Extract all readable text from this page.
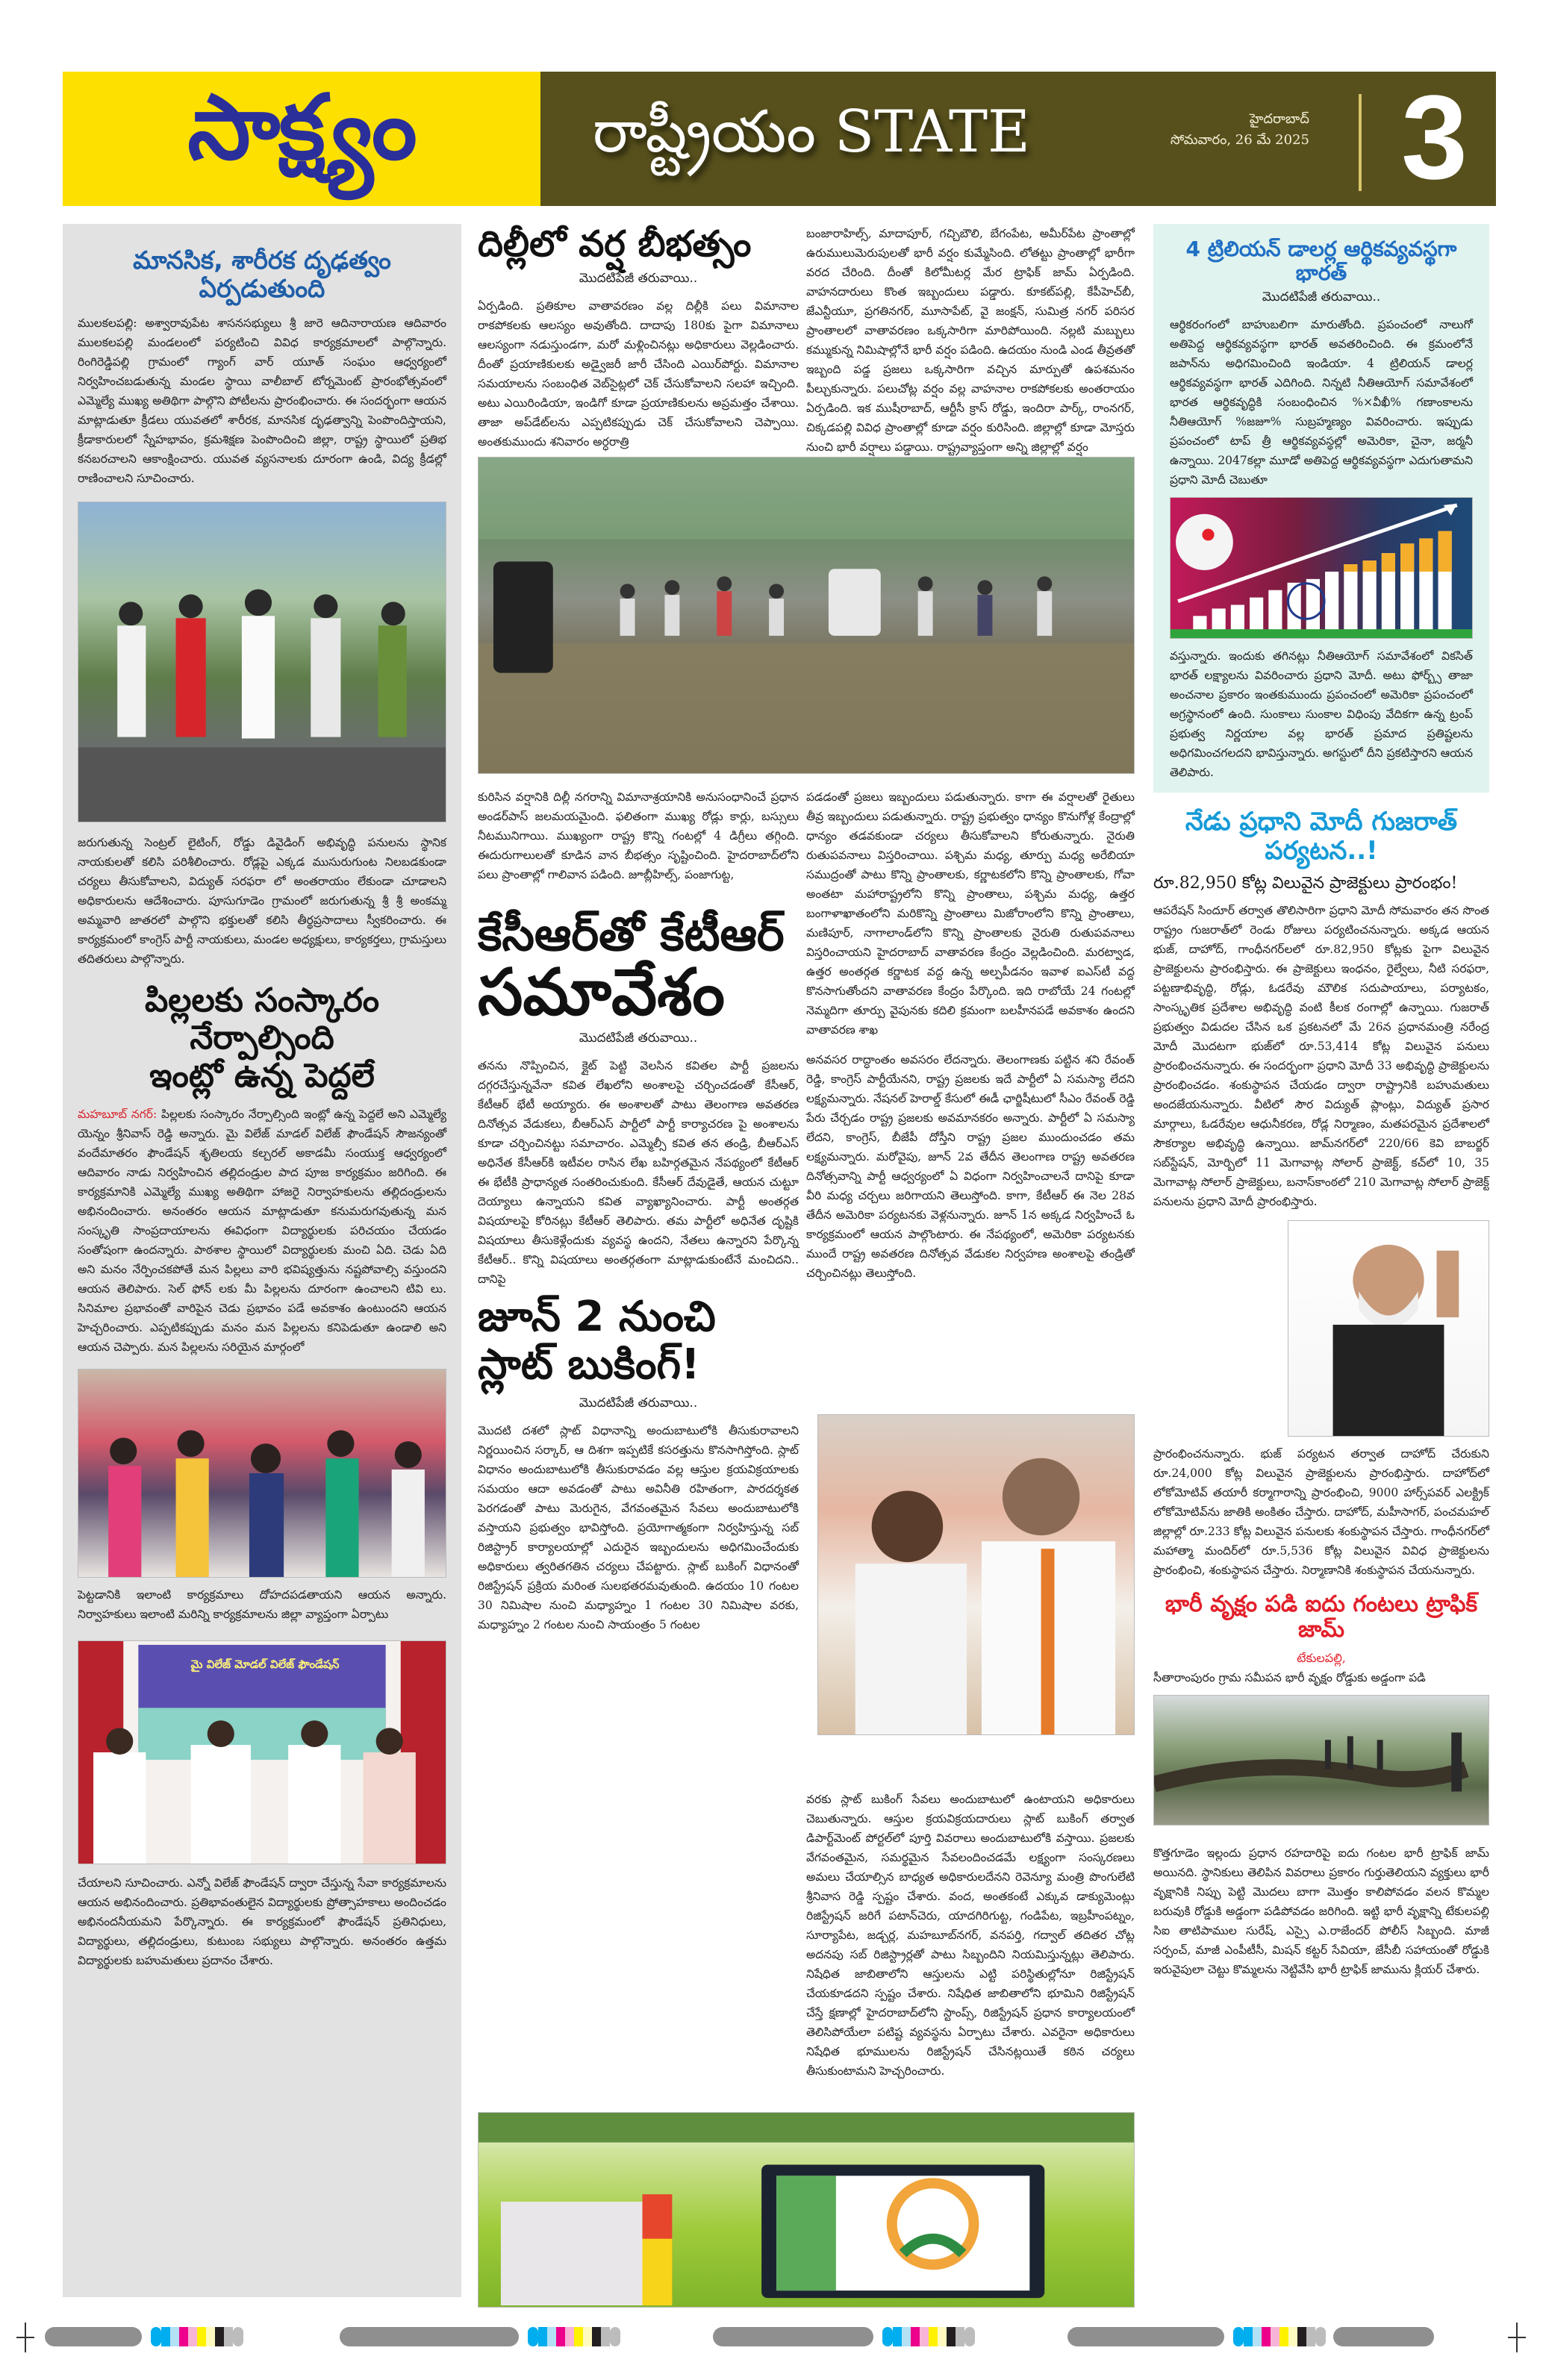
సాక్ష్యం	రాష్ట్రీయం STATE	హైదరాబాద్
సోమవారం, 26 మే 2025 3
మానసిక, శారీరక దృఢత్వం ఏర్పడుతుంది

ములకలపల్లి: అశ్వారావుపేట శాసనసభ్యులు శ్రీ జారె ఆదినారాయణ ఆదివారం ములకలపల్లి మండలంలో పర్యటించి వివిధ కార్యక్రమాలలో పాల్గొన్నారు. రింగిరెడ్డిపల్లి గ్రామంలో గ్యాంగ్ వార్ యూత్ సంఘం ఆధ్వర్యంలో నిర్వహించబడుతున్న మండల స్థాయి వాలీబాల్ టోర్నమెంట్ ప్రారంభోత్సవంలో ఎమ్మెల్యే ముఖ్య అతిథిగా పాల్గొని పోటీలను ప్రారంభించారు. ఈ సందర్భంగా ఆయన మాట్లాడుతూ క్రీడలు యువతలో శారీరక, మానసిక దృఢత్వాన్ని పెంపొందిస్తాయని, క్రీడాకారులలో స్నేహభావం, క్రమశిక్షణ పెంపొందించి జిల్లా, రాష్ట్ర స్థాయిలో ప్రతిభ కనబరచాలని ఆకాంక్షించారు. యువత వ్యసనాలకు దూరంగా ఉండి, విద్య క్రీడల్లో రాణించాలని సూచించారు.

జరుగుతున్న సెంట్రల్ లైటింగ్, రోడ్డు డివైడింగ్ అభివృద్ధి పనులను స్థానిక నాయకులతో కలిసి పరిశీలించారు. రోడ్లపై ఎక్కడ ముసురుగుంట నిలబడకుండా చర్యలు తీసుకోవాలని, విద్యుత్ సరఫరా లో అంతరాయం లేకుండా చూడాలని అధికారులను ఆదేశించారు. పూసుగూడెం గ్రామంలో జరుగుతున్న శ్రీ శ్రీ అంకమ్మ అమ్మవారి జాతరలో పాల్గొని భక్తులతో కలిసి తీర్థప్రసాదాలు స్వీకరించారు. ఈ కార్యక్రమంలో కాంగ్రెస్ పార్టీ నాయకులు, మండల అధ్యక్షులు, కార్యకర్తలు, గ్రామస్తులు తదితరులు పాల్గొన్నారు.

పిల్లలకు సంస్కారం నేర్పాల్సింది
ఇంట్లో ఉన్న పెద్దలే

మహబూబ్ నగర్: పిల్లలకు సంస్కారం నేర్పాల్సింది ఇంట్లో ఉన్న పెద్దలే అని ఎమ్మెల్యే యెన్నం శ్రీనివాస్ రెడ్డి అన్నారు. మై విలేజ్ మాడల్ విలేజ్ ఫౌండేషన్ సౌజన్యంతో వందేమాతరం ఫౌండేషన్ శృతిలయ కల్చరల్ అకాడమీ సంయుక్త ఆధ్వర్యంలో ఆదివారం నాడు నిర్వహించిన తల్లిదండ్రుల పాద పూజ కార్యక్రమం జరిగింది. ఈ కార్యక్రమానికి ఎమ్మెల్యే ముఖ్య అతిథిగా హాజరై నిర్వాహకులను తల్లిదండ్రులను అభినందించారు. అనంతరం ఆయన మాట్లాడుతూ కనుమరుగవుతున్న మన సంస్కృతి సాంప్రదాయాలను ఈవిధంగా విద్యార్థులకు పరిచయం చేయడం సంతోషంగా ఉందన్నారు. పాఠశాల స్థాయిలో విద్యార్థులకు మంచి ఏది. చెడు ఏది అని మనం నేర్పించకపోతే మన పిల్లలు వారి భవిష్యత్తును నష్టపోవాల్సి వస్తుందని ఆయన తెలిపారు. సెల్ ఫోన్ లకు మీ పిల్లలను దూరంగా ఉంచాలని టివి లు. సినిమాల ప్రభావంతో వారిపైన చెడు ప్రభావం పడే అవకాశం ఉంటుందని ఆయన హెచ్చరించారు. ఎప్పటికప్పుడు మనం మన పిల్లలను కనిపెడుతూ ఉండాలి అని ఆయన చెప్పారు. మన పిల్లలను సరియైన మార్గంలో

పెట్టడానికి ఇలాంటి కార్యక్రమాలు దోహదపడతాయని ఆయన అన్నారు. నిర్వాహకులు ఇలాంటి మరిన్ని కార్యక్రమాలను జిల్లా వ్యాప్తంగా ఏర్పాటు

మై విలేజ్ మోడల్ విలేజ్ ఫౌండేషన్

చేయాలని సూచించారు. ఎన్నో విలేజ్ ఫౌండేషన్ ద్వారా చేస్తున్న సేవా కార్యక్రమాలను ఆయన అభినందించారు. ప్రతిభావంతులైన విద్యార్థులకు ప్రోత్సాహకాలు అందించడం అభినందనీయమని పేర్కొన్నారు. ఈ కార్యక్రమంలో ఫౌండేషన్ ప్రతినిధులు, విద్యార్థులు, తల్లిదండ్రులు, కుటుంబ సభ్యులు పాల్గొన్నారు. అనంతరం ఉత్తమ విద్యార్థులకు బహుమతులు ప్రదానం చేశారు.

దిల్లీలో వర్ష బీభత్సం
మొదటిపేజీ తరువాయి..

ఏర్పడింది. ప్రతికూల వాతావరణం వల్ల దిల్లీకి పలు విమానాల రాకపోకలకు ఆలస్యం అవుతోంది. దాదాపు 180కు పైగా విమానాలు ఆలస్యంగా నడుస్తుండగా, మరో మళ్లించినట్లు అధికారులు వెల్లడించారు. దీంతో ప్రయాణికులకు అడ్వైజరీ జారీ చేసింది ఎయిర్‌పోర్టు. విమానాల సమయాలను సంబంధిత వెబ్‌సైట్లలో చెక్ చేసుకోవాలని సలహా ఇచ్చింది. అటు ఎయిరిండియా, ఇండిగో కూడా ప్రయాణికులను అప్రమత్తం చేశాయి. తాజా అప్‌డేట్‌లను ఎప్పటికప్పుడు చెక్ చేసుకోవాలని చెప్పాయి. అంతకుముందు శనివారం అర్ధరాత్రి

కురిసిన వర్షానికి దిల్లీ నగరాన్ని విమానాశ్రయానికి అనుసంధానించే ప్రధాన అండర్‌పాస్ జలమయమైంది. ఫలితంగా ముఖ్య రోడ్లు కార్లు, బస్సులు నీటమునిగాయి. ముఖ్యంగా రాష్ట్ర కొన్ని గంటల్లో 4 డిగ్రీలు తగ్గింది. ఈదురుగాలులతో కూడిన వాన బీభత్సం సృష్టించింది. హైదరాబాద్‌లోని పలు ప్రాంతాల్లో గాలివాన పడింది. జూబ్లీహిల్స్, పంజాగుట్ట,

కేసీఆర్‌తో కేటీఆర్
సమావేశం
మొదటిపేజీ తరువాయి..

తనను నొప్పించిన, క్లైట్ పెట్టి వెలసిన కవితల పార్టీ ప్రజలను దగ్గరచేస్తున్నవేనా కవిత లేఖలోని అంశాలపై చర్చించడంతో కేసీఆర్, కేటీఆర్ భేటీ అయ్యారు. ఈ అంశాలతో పాటు తెలంగాణ అవతరణ దినోత్సవ వేడుకలు, బీఆర్ఎస్ పార్టీలో పార్టీ కార్యాచరణ పై అంశాలను కూడా చర్చించినట్టు సమాచారం. ఎమ్మెల్సీ కవిత తన తండ్రి, బీఆర్ఎస్ అధినేత కేసీఆర్‌కి ఇటీవల రాసిన లేఖ బహిర్గతమైన నేపథ్యంలో కేటీఆర్ ఈ భేటీకి ప్రాధాన్యత సంతరించుకుంది. కేసీఆర్ దేవుడైతే, ఆయన చుట్టూ దెయ్యాలు ఉన్నాయని కవిత వ్యాఖ్యానించారు. పార్టీ అంతర్గత విషయాలపై కోరినట్లు కేటీఆర్ తెలిపారు. తమ పార్టీలో అధినేత దృష్టికి విషయాలు తీసుకెళ్లేందుకు వ్యవస్థ ఉందని, నేతలు ఉన్నారని పేర్కొన్న కేటీఆర్.. కొన్ని విషయాలు అంతర్గతంగా మాట్లాడుకుంటేనే మంచిదని.. దానిపై

జూన్ 2 నుంచి
స్లాట్ బుకింగ్!
మొదటిపేజీ తరువాయి..

మొదటి దశలో స్లాట్ విధానాన్ని అందుబాటులోకి తీసుకురావాలని నిర్ణయించిన సర్కార్, ఆ దిశగా ఇప్పటికే కసరత్తును కొనసాగిస్తోంది. స్లాట్ విధానం అందుబాటులోకి తీసుకురావడం వల్ల ఆస్తుల క్రయవిక్రయాలకు సమయం ఆదా అవడంతో పాటు అవినీతి రహితంగా, పారదర్శకత పెరగడంతో పాటు మెరుగైన, వేగవంతమైన సేవలు అందుబాటులోకి వస్తాయని ప్రభుత్వం భావిస్తోంది. ప్రయోగాత్మకంగా నిర్వహిస్తున్న సబ్ రిజిస్ట్రార్ కార్యాలయాల్లో ఎదురైన ఇబ్బందులను అధిగమించేందుకు అధికారులు త్వరితగతిన చర్యలు చేపట్టారు. స్లాట్ బుకింగ్ విధానంతో రిజిస్ట్రేషన్ ప్రక్రియ మరింత సులభతరమవుతుంది. ఉదయం 10 గంటల 30 నిమిషాల నుంచి మధ్యాహ్నం 1 గంటల 30 నిమిషాల వరకు, మధ్యాహ్నం 2 గంటల నుంచి సాయంత్రం 5 గంటల

బంజారాహిల్స్, మాదాపూర్, గచ్చిబౌలి, బేగంపేట, అమీర్‌పేట ప్రాంతాల్లో ఉరుములుమెరుపులతో భారీ వర్షం కుమ్మేసింది. లోతట్టు ప్రాంతాల్లో భారీగా వరద చేరింది. దీంతో కిలోమీటర్ల మేర ట్రాఫిక్ జామ్ ఏర్పడింది. వాహనదారులు కొంత ఇబ్బందులు పడ్డారు. కూకట్‌పల్లి, కేపీహెచ్‌బీ, జేఎన్టీయూ, ప్రగతినగర్, మూసాపేట్, వై జంక్షన్, సుమిత్ర నగర్ పరిసర ప్రాంతాలలో వాతావరణం ఒక్కసారిగా మారిపోయింది. నల్లటి మబ్బులు కమ్ముకున్న నిమిషాల్లోనే భారీ వర్షం పడింది. ఉదయం నుండి ఎండ తీవ్రతతో ఇబ్బంది పడ్డ ప్రజలు ఒక్కసారిగా వచ్చిన మార్పుతో ఉపశమనం పీల్చుకున్నారు. పలుచోట్ల వర్షం వల్ల వాహనాల రాకపోకలకు అంతరాయం ఏర్పడింది. ఇక ముషీరాబాద్, ఆర్టీసీ క్రాస్ రోడ్డు, ఇందిరా పార్క్, రాంనగర్, చిక్కడపల్లి వివిధ ప్రాంతాల్లో కూడా వర్షం కురిసింది. జిల్లాల్లో కూడా మోస్తరు నుంచి భారీ వర్షాలు పడ్డాయి. రాష్ట్రవ్యాప్తంగా అన్ని జిల్లాల్లో వర్షం

పడడంతో ప్రజలు ఇబ్బందులు పడుతున్నారు. కాగా ఈ వర్షాలతో రైతులు తీవ్ర ఇబ్బందులు పడుతున్నారు. రాష్ట్ర ప్రభుత్వం ధాన్యం కొనుగోళ్ల కేంద్రాల్లో ధాన్యం తడవకుండా చర్యలు తీసుకోవాలని కోరుతున్నారు. నైరుతి రుతుపవనాలు విస్తరించాయి. పశ్చిమ మధ్య, తూర్పు మధ్య అరేబియా సముద్రంతో పాటు కొన్ని ప్రాంతాలకు, కర్ణాటకలోని కొన్ని ప్రాంతాలకు, గోవా అంతటా మహారాష్ట్రలోని కొన్ని ప్రాంతాలు, పశ్చిమ మధ్య, ఉత్తర బంగాళాఖాతంలోని మరికొన్ని ప్రాంతాలు మిజోరాంలోని కొన్ని ప్రాంతాలు, మణిపూర్, నాగాలాండ్‌లోని కొన్ని ప్రాంతాలకు నైరుతి రుతుపవనాలు విస్తరించాయని హైదరాబాద్ వాతావరణ కేంద్రం వెల్లడించింది. మరట్వాడ, ఉత్తర అంతర్గత కర్ణాటక వద్ద ఉన్న అల్పపీడనం ఇవాళ ఐఎస్‌టీ వద్ద కొనసాగుతోందని వాతావరణ కేంద్రం పేర్కొంది. ఇది రాబోయే 24 గంటల్లో నెమ్మదిగా తూర్పు వైపునకు కదిలి క్రమంగా బలహీనపడే అవకాశం ఉందని వాతావరణ శాఖ

అనవసర రాద్ధాంతం అవసరం లేదన్నారు. తెలంగాణకు పట్టిన శని రేవంత్ రెడ్డి, కాంగ్రెస్ పార్టీయేనని, రాష్ట్ర ప్రజలకు ఇదే పార్టీలో ఏ సమస్యా లేదని లక్ష్యమన్నారు. నేషనల్ హెరాల్డ్ కేసులో ఈడీ ఛార్జిషీటులో సీఎం రేవంత్ రెడ్డి పేరు చేర్చడం రాష్ట్ర ప్రజలకు అవమానకరం అన్నారు. పార్టీలో ఏ సమస్యా లేదని, కాంగ్రెస్, బీజేపీ దోస్తీని రాష్ట్ర ప్రజల ముందుంచడం తమ లక్ష్యమన్నారు. మరోవైపు, జూన్ 2వ తేదీన తెలంగాణ రాష్ట్ర అవతరణ దినోత్సవాన్ని పార్టీ ఆధ్వర్యంలో ఏ విధంగా నిర్వహించాలనే దానిపై కూడా వీరి మధ్య చర్చలు జరిగాయని తెలుస్తోంది. కాగా, కేటీఆర్ ఈ నెల 28వ తేదీన అమెరికా పర్యటనకు వెళ్లనున్నారు. జూన్ 1న అక్కడ నిర్వహించే ఓ కార్యక్రమంలో ఆయన పాల్గొంటారు. ఈ నేపథ్యంలో, అమెరికా పర్యటనకు ముందే రాష్ట్ర అవతరణ దినోత్సవ వేడుకల నిర్వహణ అంశాలపై తండ్రితో చర్చించినట్లు తెలుస్తోంది.

వరకు స్లాట్ బుకింగ్ సేవలు అందుబాటులో ఉంటాయని అధికారులు చెబుతున్నారు. ఆస్తుల క్రయవిక్రయదారులు స్లాట్ బుకింగ్ తర్వాత డిపార్ట్‌మెంట్ పోర్టల్‌లో పూర్తి వివరాలు అందుబాటులోకి వస్తాయి. ప్రజలకు వేగవంతమైన, సమర్థమైన సేవలందించడమే లక్ష్యంగా సంస్కరణలు అమలు చేయాల్సిన బాధ్యత అధికారులదేనని రెవెన్యూ మంత్రి పొంగులేటి శ్రీనివాస రెడ్డి స్పష్టం చేశారు. వంద, అంతకంటే ఎక్కువ డాక్యుమెంట్లు రిజిస్ట్రేషన్ జరిగే పటాన్‌చెరు, యాదగిరిగుట్ట, గండిపేట, ఇబ్రహీంపట్నం, సూర్యాపేట, జడ్చర్ల, మహబూబ్‌నగర్, వనపర్తి, గద్వాల్ తదితర చోట్ల అదనపు సబ్ రిజిస్ట్రార్లతో పాటు సిబ్బందిని నియమిస్తున్నట్లు తెలిపారు. నిషేధిత జాబితాలోని ఆస్తులను ఎట్టి పరిస్థితుల్లోనూ రిజిస్ట్రేషన్ చేయకూడదని స్పష్టం చేశారు. నిషేధిత జాబితాలోని భూమిని రిజిస్ట్రేషన్ చేస్తే క్షణాల్లో హైదరాబాద్‌లోని స్టాంప్స్, రిజిస్ట్రేషన్ ప్రధాన కార్యాలయంలో తెలిసిపోయేలా పటిష్ట వ్యవస్థను ఏర్పాటు చేశారు. ఎవరైనా అధికారులు నిషేధిత భూములను రిజిస్ట్రేషన్ చేసినట్లయితే కఠిన చర్యలు తీసుకుంటామని హెచ్చరించారు.

4 ట్రిలియన్ డాలర్ల ఆర్థికవ్యవస్థగా భారత్
మొదటిపేజీ తరువాయి..

ఆర్థికరంగంలో బాహుబలిగా మారుతోంది. ప్రపంచంలో నాలుగో అతిపెద్ద ఆర్థికవ్యవస్థగా భారత్ అవతరించింది. ఈ క్రమంలోనే జపాన్‌ను అధిగమించింది ఇండియా. 4 ట్రిలియన్ డాలర్ల ఆర్థికవ్యవస్థగా భారత్ ఎదిగింది. నిన్నటి నీతిఆయోగ్ సమావేశంలో భారత ఆర్థికవృద్ధికి సంబంధించిన %×వీఖీ% గణాంకాలను నీతిఆయోగ్ %జజూ% సుబ్రహ్మణ్యం వివరించారు. ఇప్పుడు ప్రపంచంలో టాప్ త్రీ ఆర్థికవ్యవస్థల్లో అమెరికా, చైనా, జర్మనీ ఉన్నాయి. 2047కల్లా మూడో అతిపెద్ద ఆర్థికవ్యవస్థగా ఎదుగుతామని ప్రధాని మోదీ చెబుతూ

వస్తున్నారు. ఇందుకు తగినట్లు నీతిఆయోగ్ సమావేశంలో వికసిత్ భారత్ లక్ష్యాలను వివరించారు ప్రధాని మోదీ. అటు ఫోర్బ్స్ తాజా అంచనాల ప్రకారం ఇంతకుముందు ప్రపంచంలో అమెరికా ప్రపంచంలో అగ్రస్థానంలో ఉంది. సుంకాలు సుంకాల విధింపు వేదికగా ఉన్న ట్రంప్ ప్రభుత్వ నిర్ణయాల వల్ల భారత్ ప్రమాద ప్రతిష్టలను అధిగమించగలదని భావిస్తున్నారు. అగస్టులో దీని ప్రకటిస్తారని ఆయన తెలిపారు.

నేడు ప్రధాని మోదీ గుజరాత్ పర్యటన..!
రూ.82,950 కోట్ల విలువైన ప్రాజెక్టులు ప్రారంభం!

ఆపరేషన్ సిందూర్ తర్వాత తొలిసారిగా ప్రధాని మోదీ సోమవారం తన సొంత రాష్ట్రం గుజరాత్‌లో రెండు రోజులు పర్యటించనున్నారు. అక్కడ ఆయన భుజ్, దాహోద్, గాంధీనగర్‌లలో రూ.82,950 కోట్లకు పైగా విలువైన ప్రాజెక్టులను ప్రారంభిస్తారు. ఈ ప్రాజెక్టులు ఇంధనం, రైల్వేలు, నీటి సరఫరా, పట్టణాభివృద్ధి, రోడ్లు, ఓడరేవు మౌలిక సదుపాయాలు, పర్యాటకం, సాంస్కృతిక ప్రదేశాల అభివృద్ధి వంటి కీలక రంగాల్లో ఉన్నాయి. గుజరాత్ ప్రభుత్వం విడుదల చేసిన ఒక ప్రకటనలో మే 26న ప్రధానమంత్రి నరేంద్ర మోదీ మొదటగా భుజ్‌లో రూ.53,414 కోట్ల విలువైన పనులు ప్రారంభించనున్నారు. ఈ సందర్భంగా ప్రధాని మోదీ 33 అభివృద్ధి ప్రాజెక్టులను ప్రారంభించడం. శంకుస్థాపన చేయడం ద్వారా రాష్ట్రానికి బహుమతులు అందజేయనున్నారు. వీటిలో సౌర విద్యుత్ ప్లాంట్లు, విద్యుత్ ప్రసార మార్గాలు, ఓడరేవుల ఆధునీకరణ, రోడ్ల నిర్మాణం, మతపరమైన ప్రదేశాలలో సౌకర్యాల అభివృద్ధి ఉన్నాయి. జామ్‌నగర్‌లో 220/66 కెవి బాబర్జర్ సబ్‌స్టేషన్, మోర్బిలో 11 మెగావాట్ల సోలార్ ప్రాజెక్ట్, కచ్‌లో 10, 35 మెగావాట్ల సోలార్ ప్రాజెక్టులు, బనాస్‌కాంఠలో 210 మెగావాట్ల సోలార్ ప్రాజెక్ట్ పనులను ప్రధాని మోదీ ప్రారంభిస్తారు.

ప్రారంభించనున్నారు. భుజ్ పర్యటన తర్వాత దాహోద్ చేరుకుని రూ.24,000 కోట్ల విలువైన ప్రాజెక్టులను ప్రారంభిస్తారు. దాహోద్‌లో లోకోమోటివ్ తయారీ కర్మాగారాన్ని ప్రారంభించి, 9000 హార్స్‌పవర్ ఎలక్ట్రిక్ లోకోమోటివ్‌ను జాతికి అంకితం చేస్తారు. దాహోద్, మహీసాగర్, పంచమహల్ జిల్లాల్లో రూ.233 కోట్ల విలువైన పనులకు శంకుస్థాపన చేస్తారు. గాంధీనగర్‌లో మహాత్మా మందిర్‌లో రూ.5,536 కోట్ల విలువైన వివిధ ప్రాజెక్టులను ప్రారంభించి, శంకుస్థాపన చేస్తారు. నిర్మాణానికి శంకుస్థాపన చేయనున్నారు.

భారీ వృక్షం పడి ఐదు గంటలు ట్రాఫిక్ జామ్
టేకులపల్లి,

సీతారాంపురం గ్రామ సమీపన భారీ వృక్షం రోడ్డుకు అడ్డంగా పడి

కొత్తగూడెం ఇల్లందు ప్రధాన రహదారిపై ఐదు గంటల భారీ ట్రాఫిక్ జామ్ అయినది. స్థానికులు తెలిపిన వివరాలు ప్రకారం గుర్తుతెలియని వ్యక్తులు భారీ వృక్షానికి నిప్పు పెట్టి మొదలు బాగా మొత్తం కాలిపోవడం వలన కొమ్మల బరువుకి రోడ్డుకి అడ్డంగా పడిపోవడం జరిగింది. ఇట్టి భారీ వృక్షాన్ని టేకులపల్లి సిఐ తాటిపాముల సురేష్, ఎస్సై ఎ.రాజేందర్ పోలీస్ సిబ్బంది. మాజీ సర్పంచ్, మాజీ ఎంపీటీసీ, మిషన్ కట్టర్ సేవియా, జేసీబీ సహాయంతో రోడ్డుకి ఇరువైపులా చెట్టు కొమ్మలను నెట్టివేసి భారీ ట్రాఫిక్ జామును క్లియర్ చేశారు.
